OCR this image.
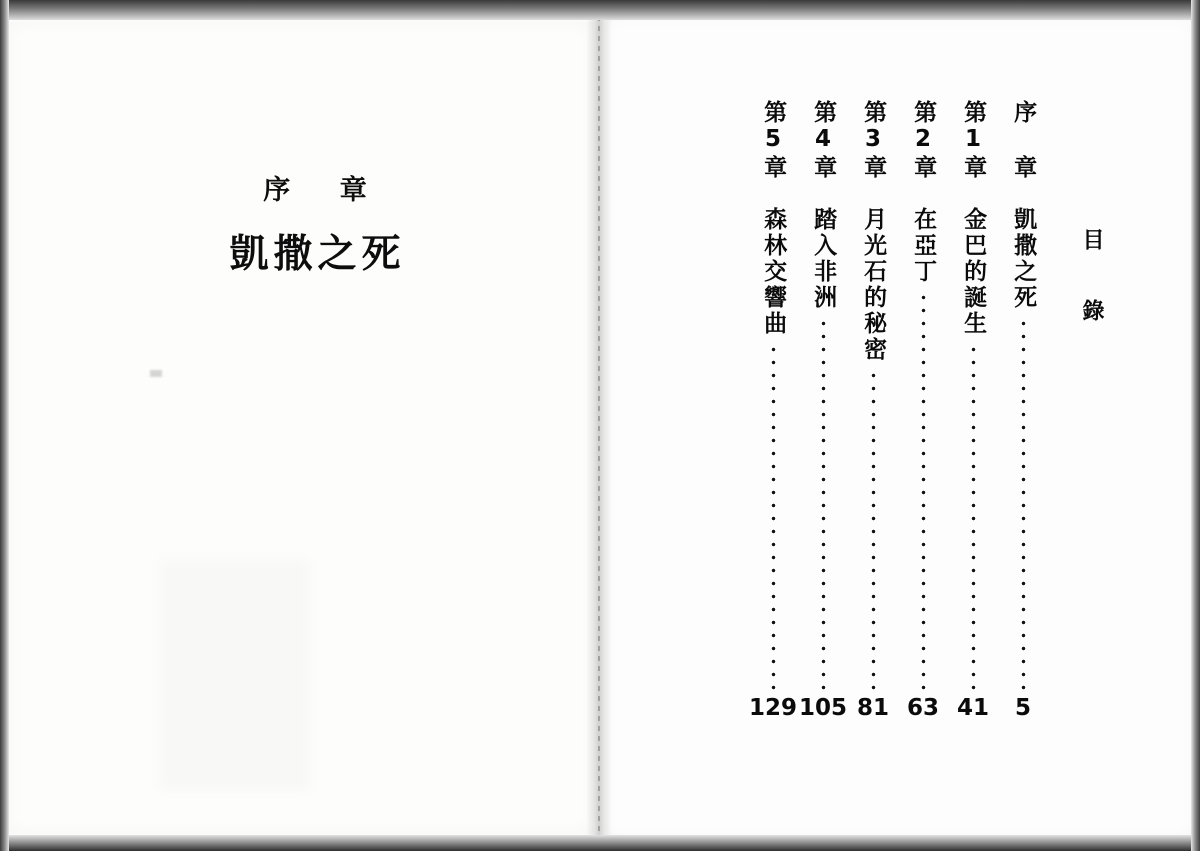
序 章
凱撒之死	目 錄
第5章　森林交響曲
129
第4章　踏入非洲
105
第3章　月光石的秘密
81
第2章　在亞丁
63
第1章　金巴的誕生
41
序 章　凱撒之死
5
